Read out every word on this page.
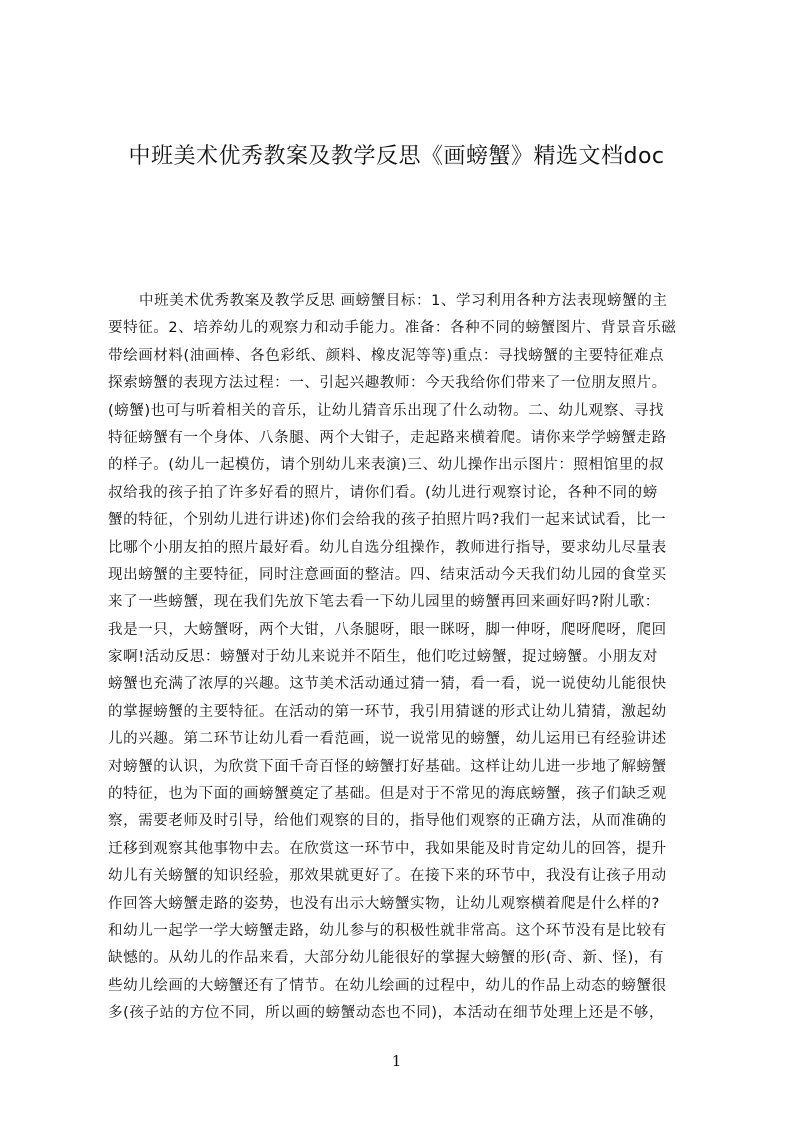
中班美术优秀教案及教学反思《画螃蟹》精选文档doc
中班美术优秀教案及教学反思 画螃蟹目标：1、学习利用各种方法表现螃蟹的主
要特征。2、培养幼儿的观察力和动手能力。准备：各种不同的螃蟹图片、背景音乐磁
带绘画材料(油画棒、各色彩纸、颜料、橡皮泥等等)重点：寻找螃蟹的主要特征难点
探索螃蟹的表现方法过程：一、引起兴趣教师：今天我给你们带来了一位朋友照片。
(螃蟹)也可与听着相关的音乐，让幼儿猜音乐出现了什么动物。二、幼儿观察、寻找
特征螃蟹有一个身体、八条腿、两个大钳子，走起路来横着爬。请你来学学螃蟹走路
的样子。(幼儿一起模仿，请个别幼儿来表演)三、幼儿操作出示图片：照相馆里的叔
叔给我的孩子拍了许多好看的照片，请你们看。(幼儿进行观察讨论，各种不同的螃
蟹的特征，个别幼儿进行讲述)你们会给我的孩子拍照片吗?我们一起来试试看，比一
比哪个小朋友拍的照片最好看。幼儿自选分组操作，教师进行指导，要求幼儿尽量表
现出螃蟹的主要特征，同时注意画面的整洁。四、结束活动今天我们幼儿园的食堂买
来了一些螃蟹，现在我们先放下笔去看一下幼儿园里的螃蟹再回来画好吗?附儿歌：
我是一只，大螃蟹呀，两个大钳，八条腿呀，眼一眯呀，脚一伸呀，爬呀爬呀，爬回
家啊!活动反思：螃蟹对于幼儿来说并不陌生，他们吃过螃蟹，捉过螃蟹。小朋友对
螃蟹也充满了浓厚的兴趣。这节美术活动通过猜一猜，看一看，说一说使幼儿能很快
的掌握螃蟹的主要特征。在活动的第一环节，我引用猜谜的形式让幼儿猜猜，激起幼
儿的兴趣。第二环节让幼儿看一看范画，说一说常见的螃蟹，幼儿运用已有经验讲述
对螃蟹的认识，为欣赏下面千奇百怪的螃蟹打好基础。这样让幼儿进一步地了解螃蟹
的特征，也为下面的画螃蟹奠定了基础。但是对于不常见的海底螃蟹，孩子们缺乏观
察，需要老师及时引导，给他们观察的目的，指导他们观察的正确方法，从而准确的
迁移到观察其他事物中去。在欣赏这一环节中，我如果能及时肯定幼儿的回答，提升
幼儿有关螃蟹的知识经验，那效果就更好了。在接下来的环节中，我没有让孩子用动
作回答大螃蟹走路的姿势，也没有出示大螃蟹实物，让幼儿观察横着爬是什么样的?
和幼儿一起学一学大螃蟹走路，幼儿参与的积极性就非常高。这个环节没有是比较有
缺憾的。从幼儿的作品来看，大部分幼儿能很好的掌握大螃蟹的形(奇、新、怪)，有
些幼儿绘画的大螃蟹还有了情节。在幼儿绘画的过程中，幼儿的作品上动态的螃蟹很
多(孩子站的方位不同，所以画的螃蟹动态也不同)，本活动在细节处理上还是不够，
1
